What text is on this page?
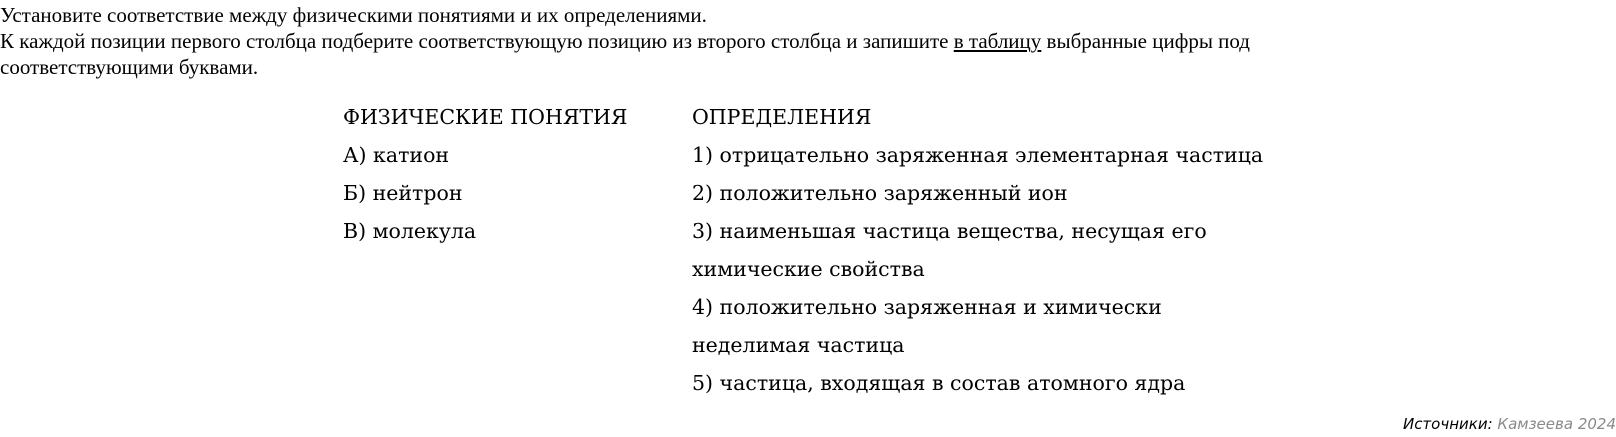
Установите соответствие между физическими понятиями и их определениями.
К каждой позиции первого столбца подберите соответствующую позицию из второго столбца и запишите в таблицу выбранные цифры под
соответствующими буквами.
ФИЗИЧЕСКИЕ ПОНЯТИЯ
А) катион
Б) нейтрон
В) молекула
ОПРЕДЕЛЕНИЯ
1) отрицательно заряженная элементарная частица
2) положительно заряженный ион
3) наименьшая частица вещества, несущая его
химические свойства
4) положительно заряженная и химически
неделимая частица
5) частица, входящая в состав атомного ядра
Источники: Камзеева 2024
